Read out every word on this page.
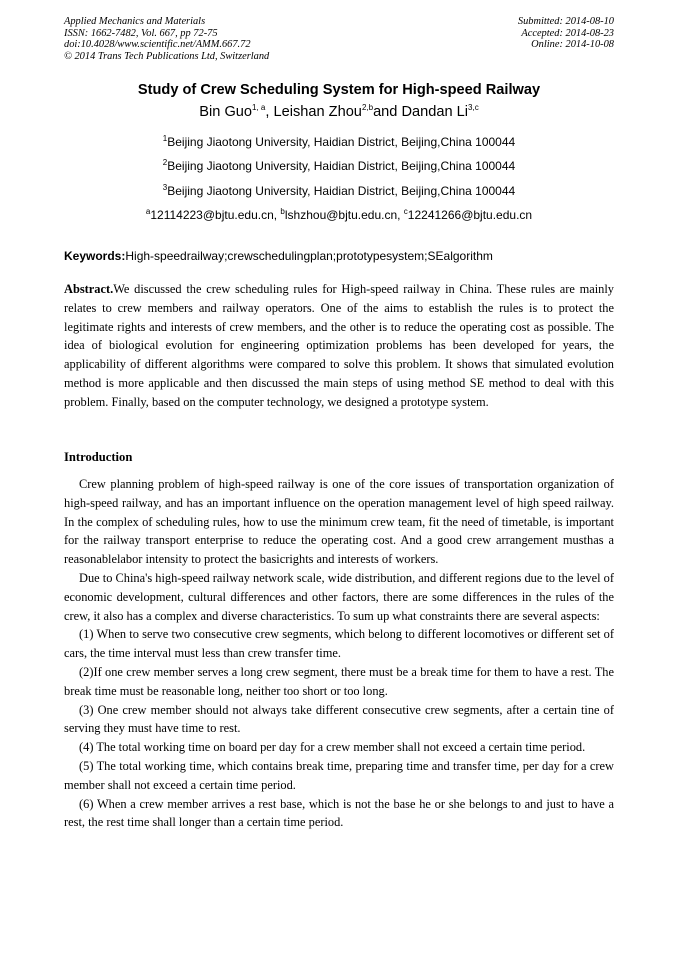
Applied Mechanics and Materials
ISSN: 1662-7482, Vol. 667, pp 72-75
doi:10.4028/www.scientific.net/AMM.667.72
© 2014 Trans Tech Publications Ltd, Switzerland
Submitted: 2014-08-10
Accepted: 2014-08-23
Online: 2014-10-08
Study of Crew Scheduling System for High-speed Railway
Bin Guo$^{1, a}$, Leishan Zhou$^{2,b}$and Dandan Li$^{3,c}$
$^1$Beijing Jiaotong University, Haidian District, Beijing,China 100044
$^2$Beijing Jiaotong University, Haidian District, Beijing,China 100044
$^3$Beijing Jiaotong University, Haidian District, Beijing,China 100044
$^a$12114223@bjtu.edu.cn, $^b$lshzhou@bjtu.edu.cn, $^c$12241266@bjtu.edu.cn
Keywords:High-speedrailway;crewschedulingplan;prototypesystem;SEalgorithm
Abstract.We discussed the crew scheduling rules for High-speed railway in China. These rules are mainly relates to crew members and railway operators. One of the aims to establish the rules is to protect the legitimate rights and interests of crew members, and the other is to reduce the operating cost as possible. The idea of biological evolution for engineering optimization problems has been developed for years, the applicability of different algorithms were compared to solve this problem. It shows that simulated evolution method is more applicable and then discussed the main steps of using method SE method to deal with this problem. Finally, based on the computer technology, we designed a prototype system.
Introduction

Crew planning problem of high-speed railway is one of the core issues of transportation organization of high-speed railway, and has an important influence on the operation management level of high speed railway. In the complex of scheduling rules, how to use the minimum crew team, fit the need of timetable, is important for the railway transport enterprise to reduce the operating cost. And a good crew arrangement musthas a reasonablelabor intensity to protect the basicrights and interests of workers.

Due to China's high-speed railway network scale, wide distribution, and different regions due to the level of economic development, cultural differences and other factors, there are some differences in the rules of the crew, it also has a complex and diverse characteristics. To sum up what constraints there are several aspects:

(1) When to serve two consecutive crew segments, which belong to different locomotives or different set of cars, the time interval must less than crew transfer time.

(2)If one crew member serves a long crew segment, there must be a break time for them to have a rest. The break time must be reasonable long, neither too short or too long.

(3) One crew member should not always take different consecutive crew segments, after a certain tine of serving they must have time to rest.

(4) The total working time on board per day for a crew member shall not exceed a certain time period.

(5) The total working time, which contains break time, preparing time and transfer time, per day for a crew member shall not exceed a certain time period.

(6) When a crew member arrives a rest base, which is not the base he or she belongs to and just to have a rest, the rest time shall longer than a certain time period.
